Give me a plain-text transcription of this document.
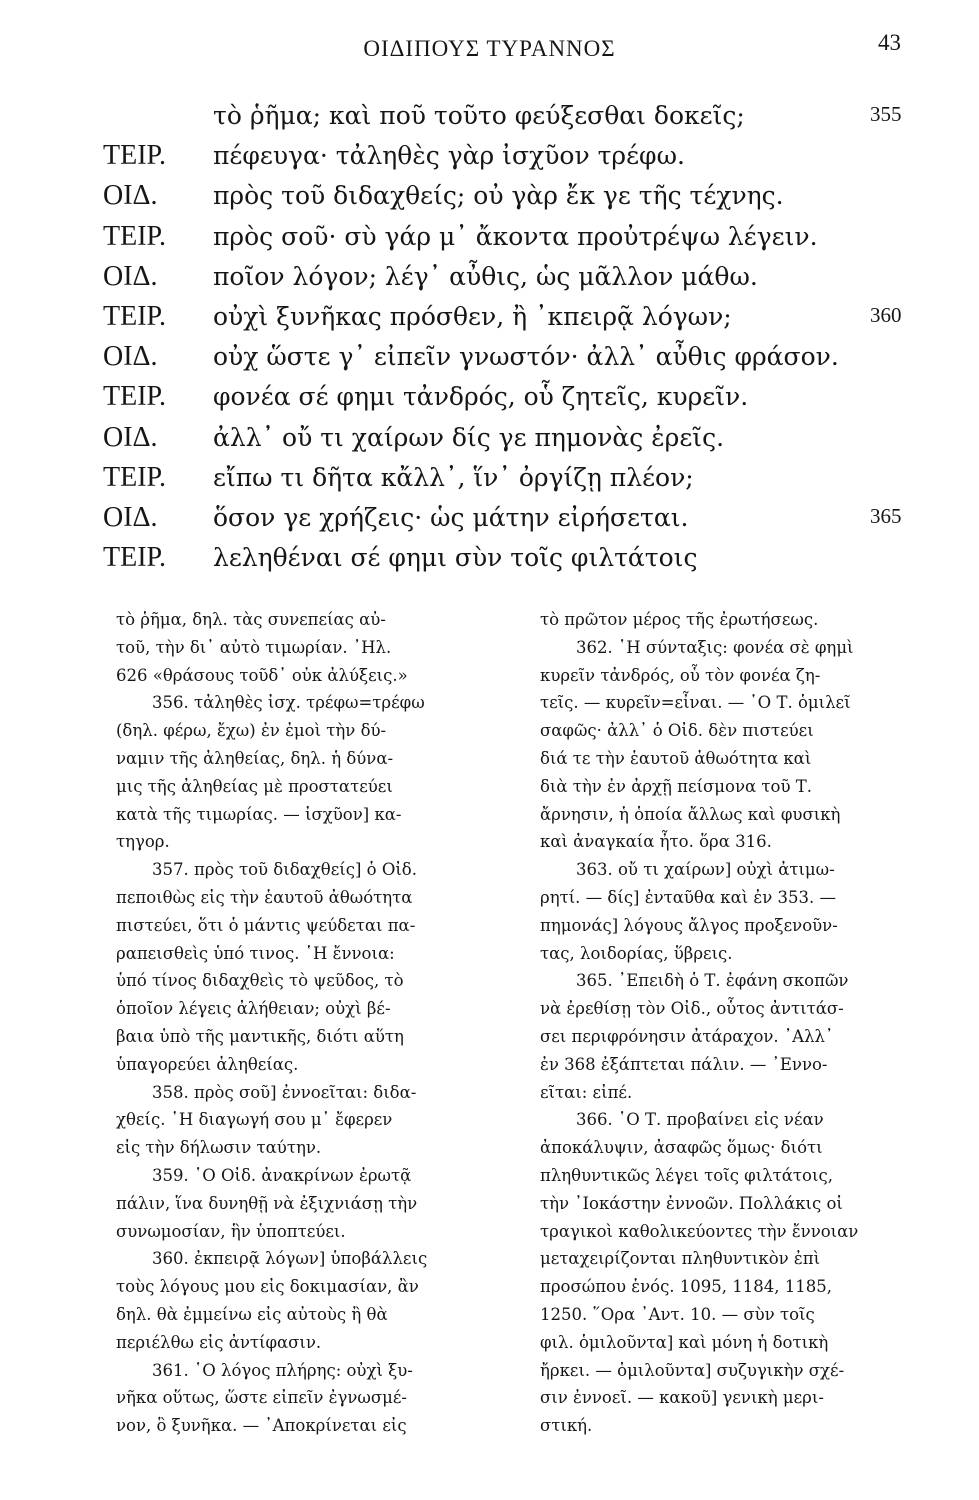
ΟΙΔΙΠΟΥΣ ΤΥΡΑΝΝΟΣ	43
τὸ ῥῆμα; καὶ ποῦ τοῦτο φεύξεσθαι δοκεῖς;	355
ΤΕΙΡ. πέφευγα· τἀληθὲς γὰρ ἰσχῦον τρέφω.
ΟΙΔ. πρὸς τοῦ διδαχθείς; οὐ γὰρ ἔκ γε τῆς τέχνης.
ΤΕΙΡ. πρὸς σοῦ· σὺ γάρ μ᾽ ἄκοντα προὐτρέψω λέγειν.
ΟΙΔ. ποῖον λόγον; λέγ᾽ αὖθις, ὡς μᾶλλον μάθω.
ΤΕΙΡ. οὐχὶ ξυνῆκας πρόσθεν, ἢ ᾽κπειρᾷ λόγων;	360
ΟΙΔ. οὐχ ὥστε γ᾽ εἰπεῖν γνωστόν· ἀλλ᾽ αὖθις φράσον.
ΤΕΙΡ. φονέα σέ φημι τἀνδρός, οὗ ζητεῖς, κυρεῖν.
ΟΙΔ. ἀλλ᾽ οὔ τι χαίρων δίς γε πημονὰς ἐρεῖς.
ΤΕΙΡ. εἴπω τι δῆτα κἄλλ᾽, ἵν᾽ ὀργίζῃ πλέον;
ΟΙΔ. ὅσον γε χρήζεις· ὡς μάτην εἰρήσεται.	365
ΤΕΙΡ. λεληθέναι σέ φημι σὺν τοῖς φιλτάτοις
τὸ ῥῆμα, δηλ. τὰς συνεπείας αὐ-
τοῦ, τὴν δι᾽ αὐτὸ τιμωρίαν. ᾽Ηλ.
626 «θράσους τοῦδ᾽ οὐκ ἀλύξεις.»
356. τἀληθὲς ἰσχ. τρέφω=τρέφω
(δηλ. φέρω, ἔχω) ἐν ἐμοὶ τὴν δύ-
ναμιν τῆς ἀληθείας, δηλ. ἡ δύνα-
μις τῆς ἀληθείας μὲ προστατεύει
κατὰ τῆς τιμωρίας. — ἰσχῦον] κα-
τηγορ.
357. πρὸς τοῦ διδαχθείς] ὁ Οἰδ.
πεποιθὼς εἰς τὴν ἑαυτοῦ ἀθωότητα
πιστεύει, ὅτι ὁ μάντις ψεύδεται πα-
ραπεισθεὶς ὑπό τινος. ῾Η ἔννοια:
ὑπό τίνος διδαχθεὶς τὸ ψεῦδος, τὸ
ὁποῖον λέγεις ἀλήθειαν; οὐχὶ βέ-
βαια ὑπὸ τῆς μαντικῆς, διότι αὕτη
ὑπαγορεύει ἀληθείας.
358. πρὸς σοῦ] ἐννοεῖται: διδα-
χθείς. ῾Η διαγωγή σου μ᾽ ἔφερεν
εἰς τὴν δήλωσιν ταύτην.
359. ῾Ο Οἰδ. ἀνακρίνων ἐρωτᾷ
πάλιν, ἵνα δυνηθῇ νὰ ἐξιχνιάσῃ τὴν
συνωμοσίαν, ἣν ὑποπτεύει.
360. ἐκπειρᾷ λόγων] ὑποβάλλεις
τοὺς λόγους μου εἰς δοκιμασίαν, ἂν
δηλ. θὰ ἐμμείνω εἰς αὐτοὺς ἢ θὰ
περιέλθω εἰς ἀντίφασιν.
361. ῾Ο λόγος πλήρης: οὐχὶ ξυ-
νῆκα οὕτως, ὥστε εἰπεῖν ἐγνωσμέ-
νον, ὃ ξυνῆκα. — ᾽Αποκρίνεται εἰς
τὸ πρῶτον μέρος τῆς ἐρωτήσεως.
362. ῾Η σύνταξις: φονέα σὲ φημὶ
κυρεῖν τἀνδρός, οὗ τὸν φονέα ζη-
τεῖς. — κυρεῖν=εἶναι. — ῾Ο Τ. ὁμιλεῖ
σαφῶς· ἀλλ᾽ ὁ Οἰδ. δὲν πιστεύει
διά τε τὴν ἑαυτοῦ ἀθωότητα καὶ
διὰ τὴν ἐν ἀρχῇ πείσμονα τοῦ Τ.
ἄρνησιν, ἡ ὁποία ἄλλως καὶ φυσικὴ
καὶ ἀναγκαία ἦτο. ὅρα 316.
363. οὔ τι χαίρων] οὐχὶ ἀτιμω-
ρητί. — δίς] ἐνταῦθα καὶ ἐν 353. —
πημονάς] λόγους ἄλγος προξενοῦν-
τας, λοιδορίας, ὕβρεις.
365. ᾽Επειδὴ ὁ Τ. ἐφάνη σκοπῶν
νὰ ἐρεθίσῃ τὸν Οἰδ., οὗτος ἀντιτάσ-
σει περιφρόνησιν ἀτάραχον. ᾽Αλλ᾽
ἐν 368 ἐξάπτεται πάλιν. — ᾽Εννο-
εῖται: εἰπέ.
366. ῾Ο Τ. προβαίνει εἰς νέαν
ἀποκάλυψιν, ἀσαφῶς ὅμως· διότι
πληθυντικῶς λέγει τοῖς φιλτάτοις,
τὴν ᾽Ιοκάστην ἐννοῶν. Πολλάκις οἱ
τραγικοὶ καθολικεύοντες τὴν ἔννοιαν
μεταχειρίζονται πληθυντικὸν ἐπὶ
προσώπου ἑνός. 1095, 1184, 1185,
1250. ῞Ορα ᾽Αντ. 10. — σὺν τοῖς
φιλ. ὁμιλοῦντα] καὶ μόνη ἡ δοτικὴ
ἤρκει. — ὁμιλοῦντα] συζυγικὴν σχέ-
σιν ἐννοεῖ. — κακοῦ] γενικὴ μερι-
στική.
